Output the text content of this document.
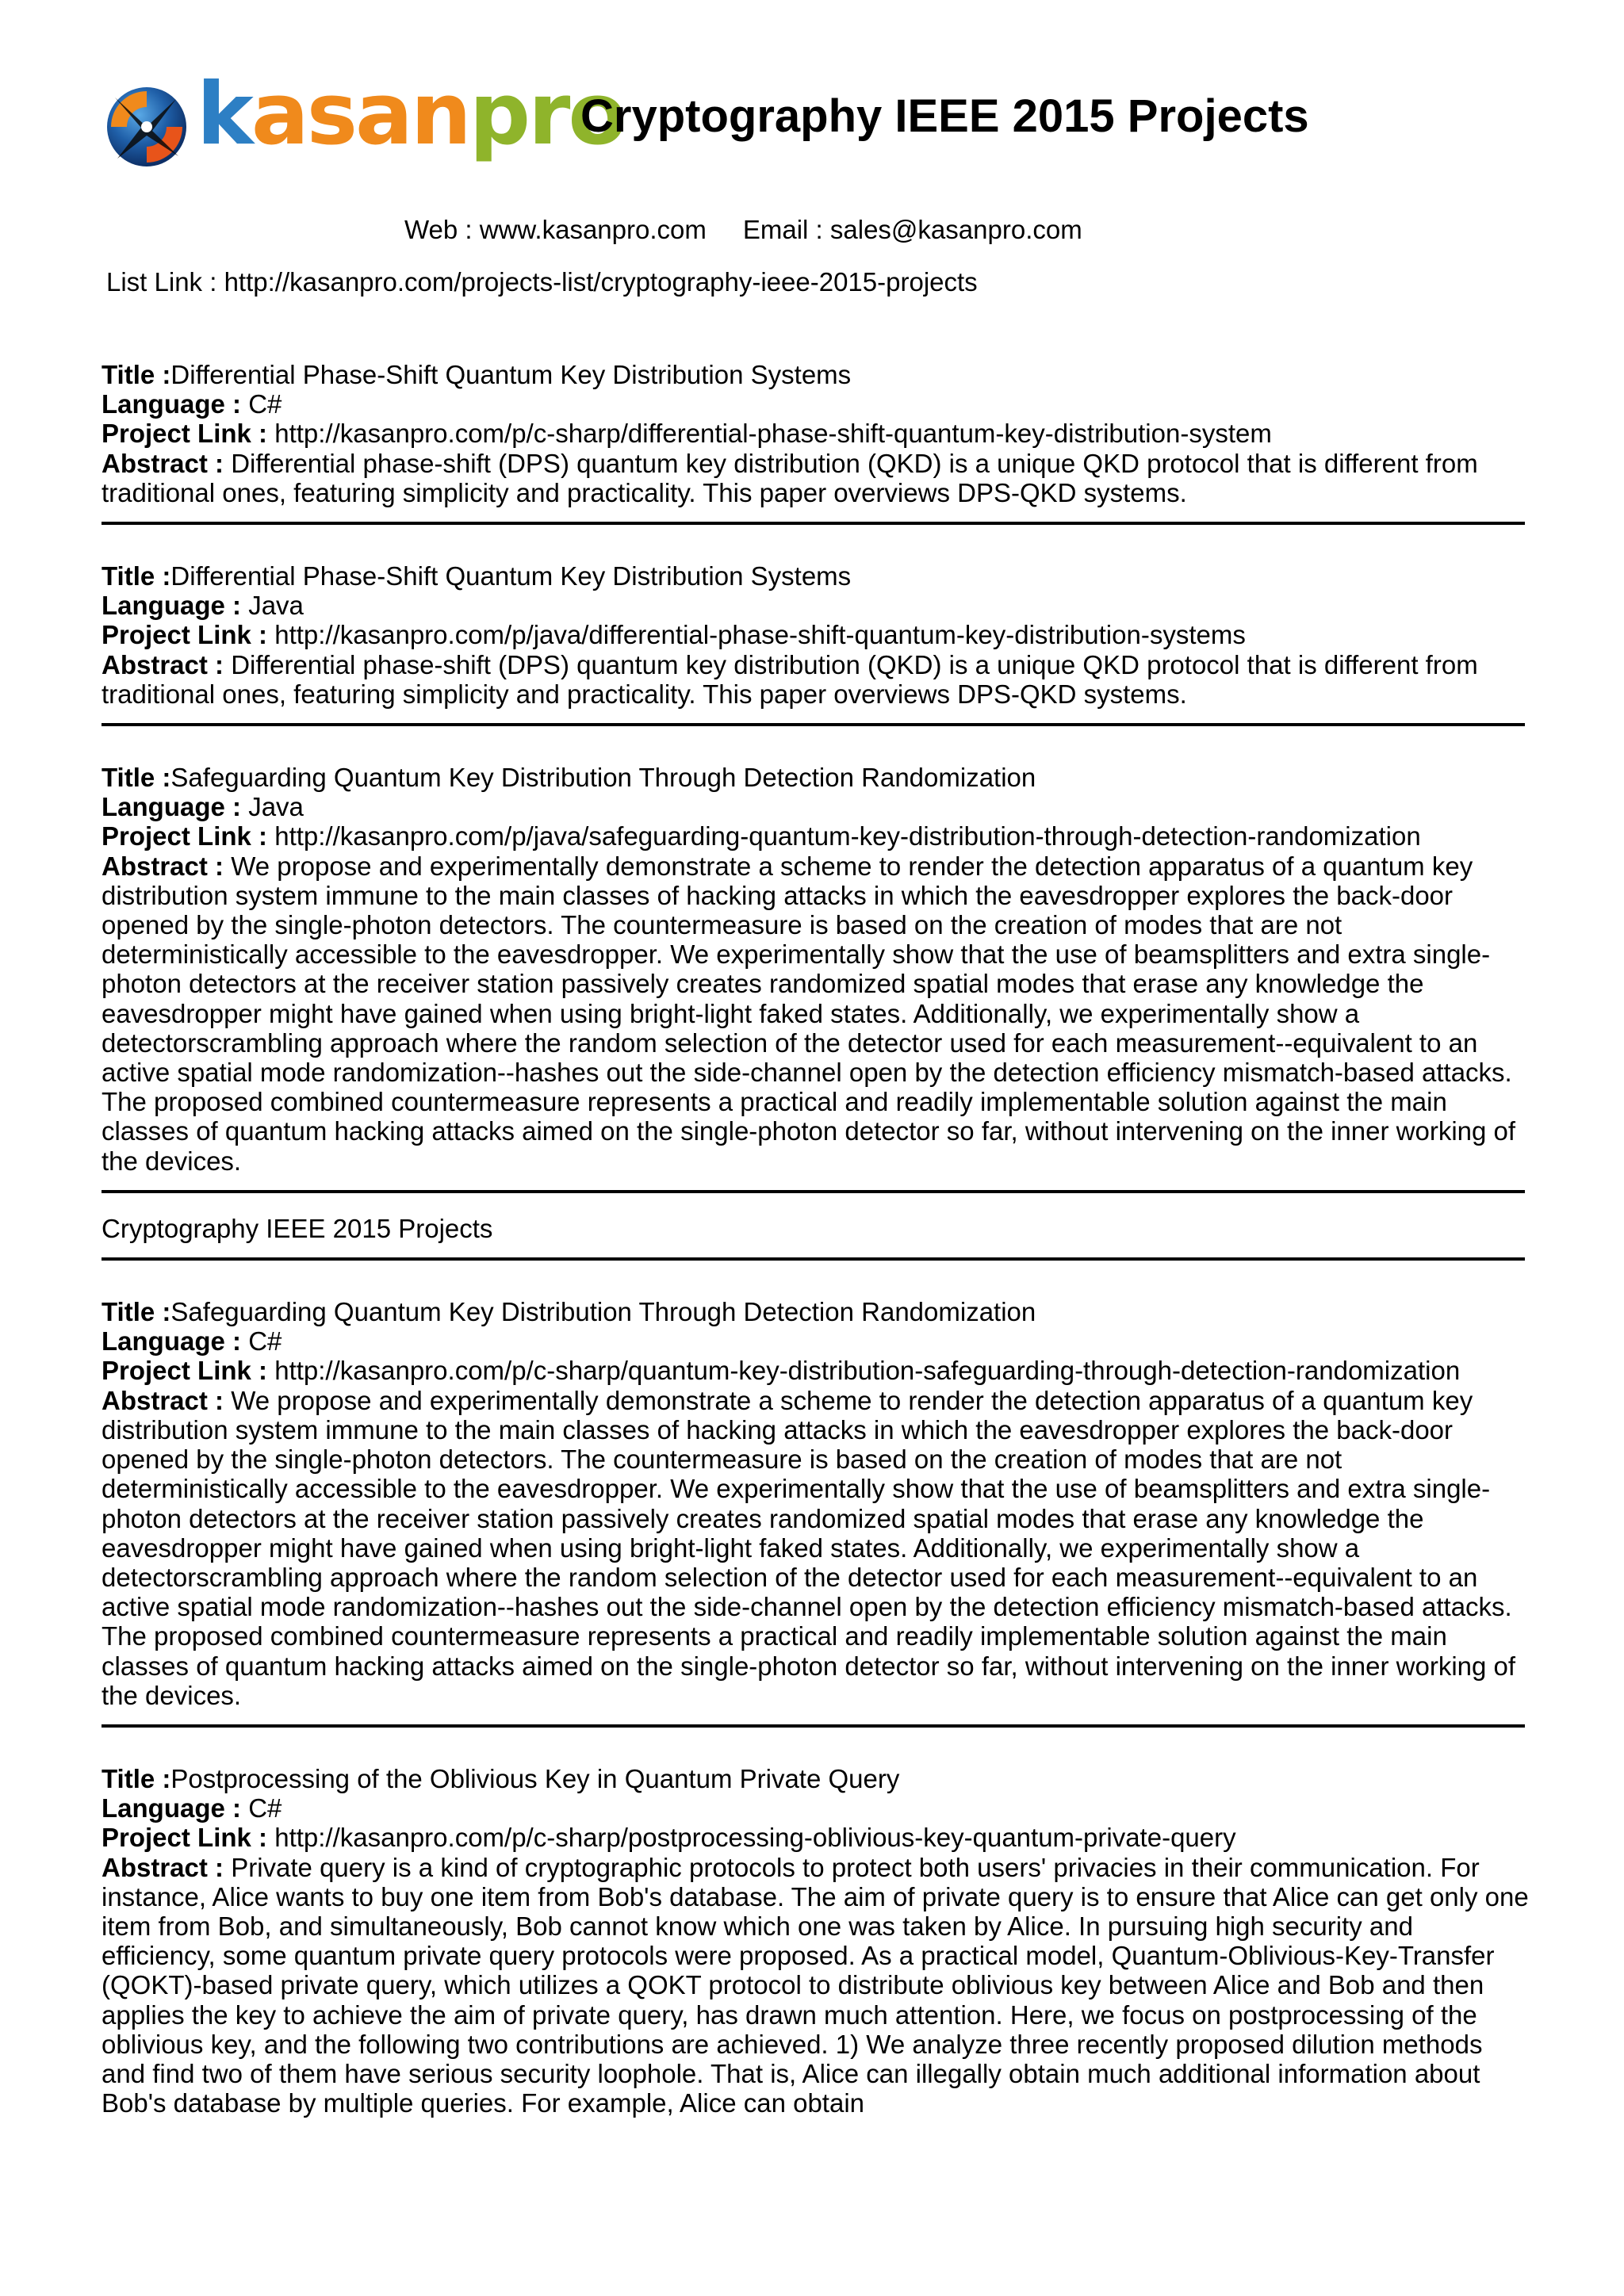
kasanpro
Cryptography IEEE 2015 Projects
Web : www.kasanpro.com Email : sales@kasanpro.com
List Link : http://kasanpro.com/projects-list/cryptography-ieee-2015-projects
Title :Differential Phase-Shift Quantum Key Distribution Systems
Language : C#
Project Link : http://kasanpro.com/p/c-sharp/differential-phase-shift-quantum-key-distribution-system
Abstract : Differential phase-shift (DPS) quantum key distribution (QKD) is a unique QKD protocol that is different from traditional ones, featuring simplicity and practicality. This paper overviews DPS-QKD systems.
Title :Differential Phase-Shift Quantum Key Distribution Systems
Language : Java
Project Link : http://kasanpro.com/p/java/differential-phase-shift-quantum-key-distribution-systems
Abstract : Differential phase-shift (DPS) quantum key distribution (QKD) is a unique QKD protocol that is different from traditional ones, featuring simplicity and practicality. This paper overviews DPS-QKD systems.
Title :Safeguarding Quantum Key Distribution Through Detection Randomization
Language : Java
Project Link : http://kasanpro.com/p/java/safeguarding-quantum-key-distribution-through-detection-randomization
Abstract : We propose and experimentally demonstrate a scheme to render the detection apparatus of a quantum key distribution system immune to the main classes of hacking attacks in which the eavesdropper explores the back-door opened by the single-photon detectors. The countermeasure is based on the creation of modes that are not deterministically accessible to the eavesdropper. We experimentally show that the use of beamsplitters and extra single-photon detectors at the receiver station passively creates randomized spatial modes that erase any knowledge the eavesdropper might have gained when using bright-light faked states. Additionally, we experimentally show a detectorscrambling approach where the random selection of the detector used for each measurement--equivalent to an active spatial mode randomization--hashes out the side-channel open by the detection efficiency mismatch-based attacks. The proposed combined countermeasure represents a practical and readily implementable solution against the main classes of quantum hacking attacks aimed on the single-photon detector so far, without intervening on the inner working of the devices.
Cryptography IEEE 2015 Projects
Title :Safeguarding Quantum Key Distribution Through Detection Randomization
Language : C#
Project Link : http://kasanpro.com/p/c-sharp/quantum-key-distribution-safeguarding-through-detection-randomization
Abstract : We propose and experimentally demonstrate a scheme to render the detection apparatus of a quantum key distribution system immune to the main classes of hacking attacks in which the eavesdropper explores the back-door opened by the single-photon detectors. The countermeasure is based on the creation of modes that are not deterministically accessible to the eavesdropper. We experimentally show that the use of beamsplitters and extra single-photon detectors at the receiver station passively creates randomized spatial modes that erase any knowledge the eavesdropper might have gained when using bright-light faked states. Additionally, we experimentally show a detectorscrambling approach where the random selection of the detector used for each measurement--equivalent to an active spatial mode randomization--hashes out the side-channel open by the detection efficiency mismatch-based attacks. The proposed combined countermeasure represents a practical and readily implementable solution against the main classes of quantum hacking attacks aimed on the single-photon detector so far, without intervening on the inner working of the devices.
Title :Postprocessing of the Oblivious Key in Quantum Private Query
Language : C#
Project Link : http://kasanpro.com/p/c-sharp/postprocessing-oblivious-key-quantum-private-query
Abstract : Private query is a kind of cryptographic protocols to protect both users' privacies in their communication. For instance, Alice wants to buy one item from Bob's database. The aim of private query is to ensure that Alice can get only one item from Bob, and simultaneously, Bob cannot know which one was taken by Alice. In pursuing high security and efficiency, some quantum private query protocols were proposed. As a practical model, Quantum-Oblivious-Key-Transfer (QOKT)-based private query, which utilizes a QOKT protocol to distribute oblivious key between Alice and Bob and then applies the key to achieve the aim of private query, has drawn much attention. Here, we focus on postprocessing of the oblivious key, and the following two contributions are achieved. 1) We analyze three recently proposed dilution methods and find two of them have serious security loophole. That is, Alice can illegally obtain much additional information about Bob's database by multiple queries. For example, Alice can obtain
